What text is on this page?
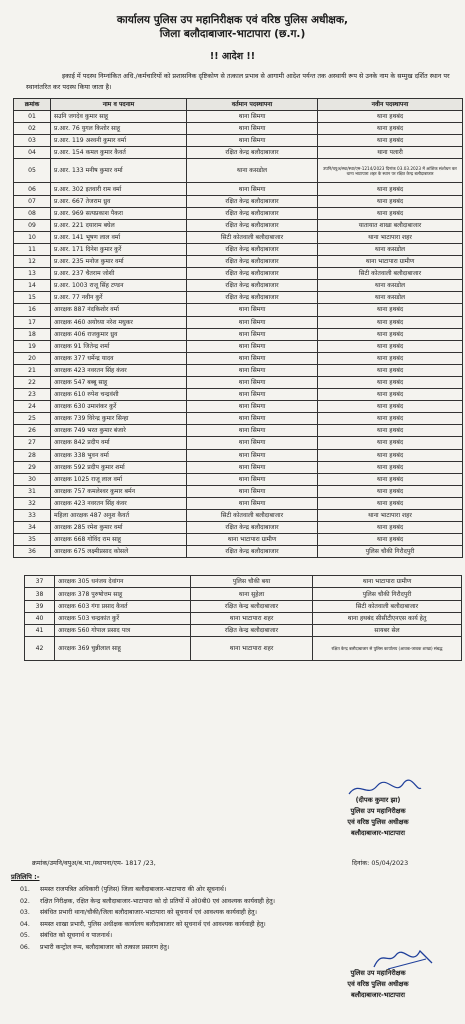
कार्यालय पुलिस उप महानिरीक्षक एवं वरिष्ठ पुलिस अधीक्षक,
जिला बलौदाबाजार-भाटापारा (छ.ग.)
!! आदेश !!
इकाई में पदस्थ निम्नांकित अधि./कर्मचारियों को प्रशासनिक दृष्टिकोण से तत्काल प्रभाव से आगामी आदेश पर्यन्त तक अस्थायी रूप से उनके नाम के सम्मुख दर्शित स्थान पर स्थानांतरित कर पदस्थ किया जाता है।
क्रमांक	नाम व पदनाम	वर्तमान पदस्थापना	नवीन पदस्थापना
01	सउनि जगदेव कुमार साहू	थाना सिमगा	थाना हथबंद
02	प्र.आर. 76 युगल किशोर साहू	थाना सिमगा	थाना हथबंद
03	प्र.आर. 119 अश्वनी कुमार वर्मा	थाना सिमगा	थाना हथबंद
04	प्र.आर. 154 कमल कुमार कैवर्त	रक्षित केन्द्र बलौदाबाजार	थाना पलारी
05	प्र.आर. 133 मनीष कुमार वर्मा	थाना कसडोल	उपनि/वपुअ/स्था/स्था/एम-1214/2023 दिनांक 03.03.2023 में आंशिक संशोधन कर थाना भाटापारा शहर के स्थान पर रक्षित केन्द्र बलौदाबाजार
06	प्र.आर. 302 इतवारी राम वर्मा	थाना सिमगा	थाना हथबंद
07	प्र.आर. 667 तेजराम ध्रुव	रक्षित केन्द्र बलौदाबाजार	थाना हथबंद
08	प्र.आर. 969 सत्यप्रकाश पैकरा	रक्षित केन्द्र बलौदाबाजार	थाना हथबंद
09	प्र.आर. 221 दयाराम बघेल	रक्षित केन्द्र बलौदाबाजार	यातायात शाखा बलौदाबाजार
10	प्र.आर. 141 भूषण लाल वर्मा	सिटी कोतवाली बलौदाबाजार	थाना भाटापारा शहर
11	प्र.आर. 171 दिनेश कुमार कुर्रे	रक्षित केन्द्र बलौदाबाजार	थाना कसडोल
12	प्र.आर. 235 मनोज कुमार वर्मा	रक्षित केन्द्र बलौदाबाजार	थाना भाटापारा ग्रामीण
13	प्र.आर. 237 चैतराम जोशी	रक्षित केन्द्र बलौदाबाजार	सिटी कोतवाली बलौदाबाजार
14	प्र.आर. 1003 राजू सिंह टण्डन	रक्षित केन्द्र बलौदाबाजार	थाना कसडोल
15	प्र.आर. 77 नवीन कुर्रे	रक्षित केन्द्र बलौदाबाजार	थाना कसडोल
16	आरक्षक 887 नंदकिशोर वर्मा	थाना सिमगा	थाना हथबंद
17	आरक्षक 460 अयोध्या नरेश मधुकर	थाना सिमगा	थाना हथबंद
18	आरक्षक 406 राजकुमार ध्रुव	थाना सिमगा	थाना हथबंद
19	आरक्षक 91 जितेन्द्र शर्मा	थाना सिमगा	थाना हथबंद
20	आरक्षक 377 धर्मेन्द्र यादव	थाना सिमगा	थाना हथबंद
21	आरक्षक 423 नवरतन सिंह कंवर	थाना सिमगा	थाना हथबंद
22	आरक्षक 547 बब्बू साहू	थाना सिमगा	थाना हथबंद
23	आरक्षक 610 रुपेश चन्द्रवंशी	थाना सिमगा	थाना हथबंद
24	आरक्षक 630 उमाशंकर कुर्रे	थाना सिमगा	थाना हथबंद
25	आरक्षक 739 विरेन्द्र कुमार सिन्हा	थाना सिमगा	थाना हथबंद
26	आरक्षक 749 भरत कुमार बंजारे	थाना सिमगा	थाना हथबंद
27	आरक्षक 842 प्रदीप वर्मा	थाना सिमगा	थाना हथबंद
28	आरक्षक 338 भुवन वर्मा	थाना सिमगा	थाना हथबंद
29	आरक्षक 592 प्रदीप कुमार शर्मा	थाना सिमगा	थाना हथबंद
30	आरक्षक 1025 राजू लाल वर्मा	थाना सिमगा	थाना हथबंद
31	आरक्षक 757 कमलेश्वर कुमार बर्मन	थाना सिमगा	थाना हथबंद
32	आरक्षक 423 नवरतन सिंह कंवर	थाना सिमगा	थाना हथबंद
33	महिला आरक्षक 487 अनुश कैवर्त	सिटी कोतवाली बलौदाबाजार	थाना भाटापारा शहर
34	आरक्षक 285 रमेश कुमार वर्मा	रक्षित केन्द्र बलौदाबाजार	थाना हथबंद
35	आरक्षक 668 गोविंद राम साहू	थाना भाटापारा ग्रामीण	थाना हथबंद
36	आरक्षक 675 लक्ष्मीप्रसाद कोसले	रक्षित केन्द्र बलौदाबाजार	पुलिस चौकी गिरौदपुरी
37	आरक्षक 305 धनंजय देवांगन	पुलिस चौकी बया	थाना भाटापारा ग्रामीण
38	आरक्षक 378 पुरुषोत्तम साहू	थाना सुहेला	पुलिस चौकी गिरौदपुरी
39	आरक्षक 603 गंगा प्रसाद कैवर्त	रक्षित केन्द्र बलौदाबाजार	सिटी कोतवाली बलौदाबाजार
40	आरक्षक 503 चन्द्रकांत कुर्रे	थाना भाटापारा शहर	थाना हथबंद सीसीटीएनएस कार्य हेतु
41	आरक्षक 560 गोपाल प्रसाद पात्र	रक्षित केन्द्र बलौदाबाजार	सायबर सेल
42	आरक्षक 369 चुन्नीलाल साहू	थाना भाटापारा शहर	रक्षित केन्द्र बलौदाबाजार से पुलिस कार्यालय (आवक-जावक शाखा) संबद्ध
(दीपक कुमार झा)
पुलिस उप महानिरीक्षक
एवं वरिष्ठ पुलिस अधीक्षक
बलौदाबाजार-भाटापारा
क्रमांक/उमनि/वपुअ/ब.भा./स्थापना/एम- 1817 /23,	दिनांक: 05/04/2023
प्रतिलिपि :-
01. समस्त राजपत्रित अधिकारी (पुलिस) जिला बलौदाबाजार-भाटापारा की ओर सूचनार्थ।
02. रक्षित निरीक्षक, रक्षित केन्द्र बलौदाबाजार-भाटापारा को दो प्रतियों में ओ0बी0 एवं आवश्यक कार्यवाही हेतु।
03. संबंधित प्रभारी थाना/चौकी/जिला बलौदाबाजार-भाटापारा को सूचनार्थ एवं आवश्यक कार्यवाही हेतु।
04. समस्त शाखा प्रभारी, पुलिस अधीक्षक कार्यालय बलौदाबाजार को सूचनार्थ एवं आवश्यक कार्यवाही हेतु।
05. संबंधित को सूचनार्थ व पालनार्थ।
06. प्रभारी कन्ट्रोल रूम, बलौदाबाजार को तत्काल प्रसारण हेतु।
पुलिस उप महानिरीक्षक
एवं वरिष्ठ पुलिस अधीक्षक
बलौदाबाजार-भाटापारा
